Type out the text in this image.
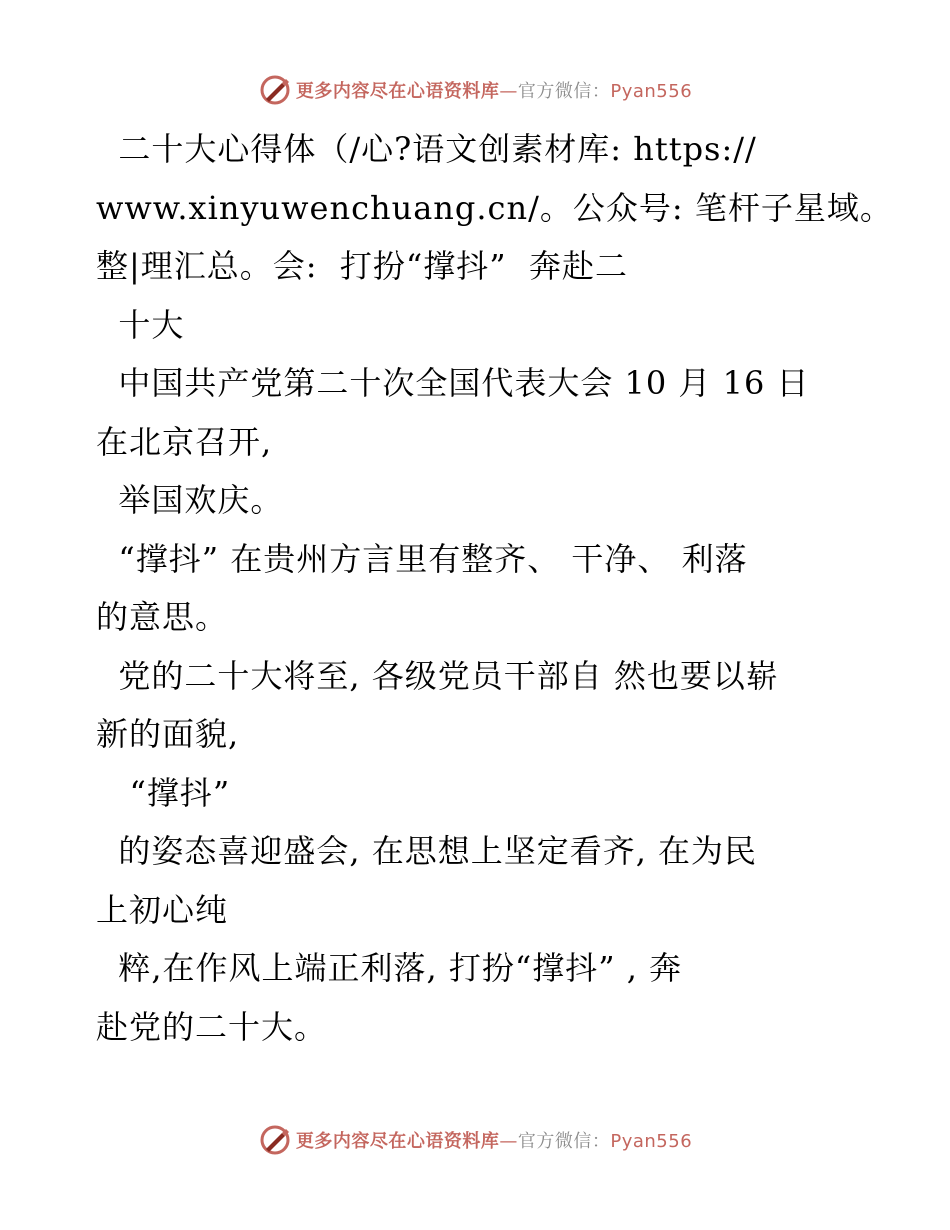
更多内容尽在心语资料库—官方微信：Pyan556
二十大心得体（/心?语文创素材库: https://
www.xinyuwenchuang.cn/。公众号: 笔杆子星域。
整|理汇总。会:  打扮“撑抖”  奔赴二
十大
中国共产党第二十次全国代表大会 10 月 16 日
在北京召开,
举国欢庆。
“撑抖” 在贵州方言里有整齐、 干净、 利落
的意思。
党的二十大将至, 各级党员干部自 然也要以崭
新的面貌,
“撑抖”
的姿态喜迎盛会, 在思想上坚定看齐, 在为民
上初心纯
粹,在作风上端正利落, 打扮“撑抖” , 奔
赴党的二十大。
更多内容尽在心语资料库—官方微信：Pyan556
